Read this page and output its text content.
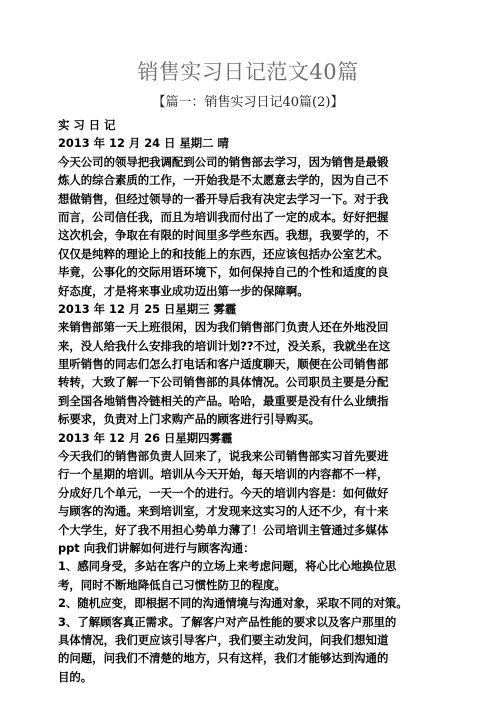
销售实习日记范文40篇
【篇一：销售实习日记40篇(2)】
实 习 日 记
2013 年 12 月 24 日 星期二 晴
今天公司的领导把我调配到公司的销售部去学习，因为销售是最锻
炼人的综合素质的工作，一开始我是不太愿意去学的，因为自己不
想做销售，但经过领导的一番开导后我有决定去学习一下。对于我
而言，公司信任我，而且为培训我而付出了一定的成本。好好把握
这次机会，争取在有限的时间里多学些东西。我想，我要学的，不
仅仅是纯粹的理论上的和技能上的东西，还应该包括办公室艺术。
毕竟，公事化的交际用语环境下，如何保持自己的个性和适度的良
好态度，才是将来事业成功迈出第一步的保障啊。
2013 年 12 月 25 日星期三 雾霾
来销售部第一天上班很闲，因为我们销售部门负责人还在外地没回
来，没人给我什么安排我的培训计划??不过，没关系，我就坐在这
里听销售的同志们怎么打电话和客户适度聊天，顺便在公司销售部
转转，大致了解一下公司销售部的具体情况。公司职员主要是分配
到全国各地销售冷链相关的产品。哈哈，最重要是没有什么业绩指
标要求，负责对上门求购产品的顾客进行引导购买。
2013 年 12 月 26 日星期四雾霾
今天我们的销售部负责人回来了，说我来公司销售部实习首先要进
行一个星期的培训。培训从今天开始，每天培训的内容都不一样，
分成好几个单元，一天一个的进行。今天的培训内容是：如何做好
与顾客的沟通。来到培训室，才发现来这实习的人还不少，有十来
个大学生，好了我不用担心势单力薄了！公司培训主管通过多媒体
ppt 向我们讲解如何进行与顾客沟通：
1、感同身受，多站在客户的立场上来考虑问题，将心比心地换位思
考，同时不断地降低自己习惯性防卫的程度。
2、随机应变，即根据不同的沟通情境与沟通对象，采取不同的对策。
3、了解顾客真正需求。了解客户对产品性能的要求以及客户那里的
具体情况，我们更应该引导客户，我们要主动发问，问我们想知道
的问题，问我们不清楚的地方，只有这样，我们才能够达到沟通的
目的。
